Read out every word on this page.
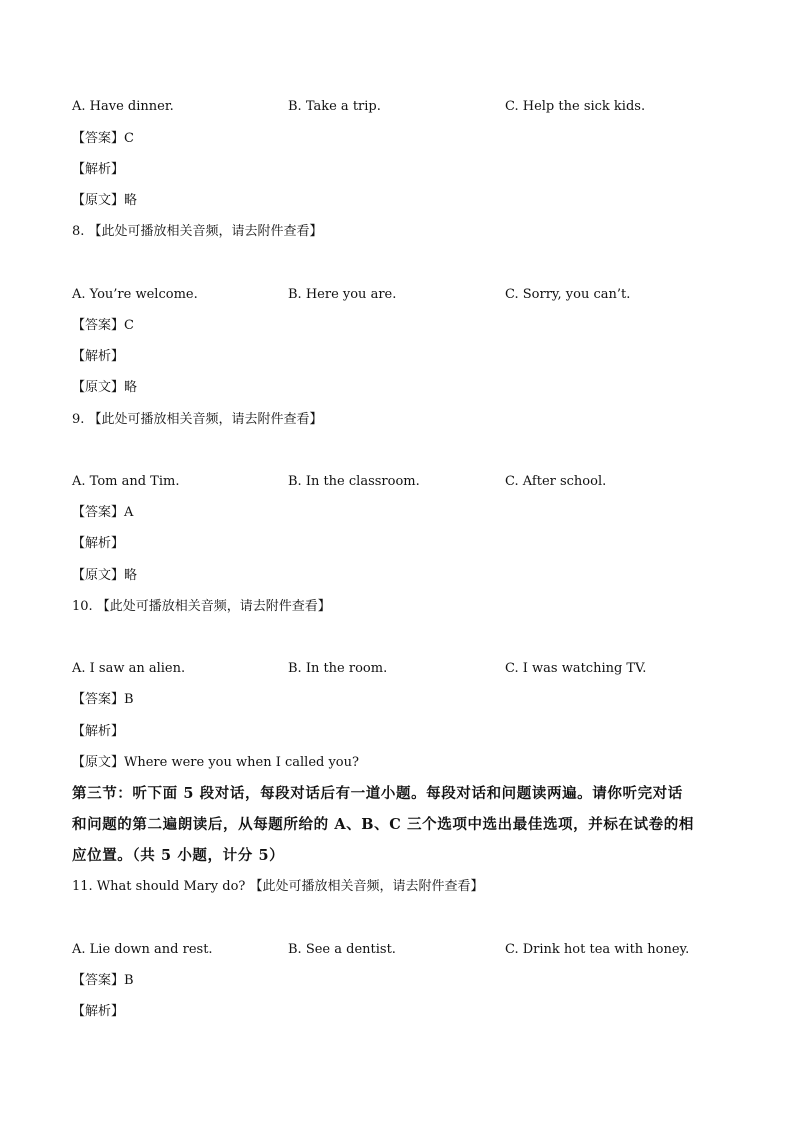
A. Have dinner.	B. Take a trip.	C. Help the sick kids.
【答案】C
【解析】
【原文】略
8. 【此处可播放相关音频，请去附件查看】
A. You’re welcome.	B. Here you are.	C. Sorry, you can’t.
【答案】C
【解析】
【原文】略
9. 【此处可播放相关音频，请去附件查看】
A. Tom and Tim.	B. In the classroom.	C. After school.
【答案】A
【解析】
【原文】略
10. 【此处可播放相关音频，请去附件查看】
A. I saw an alien.	B. In the room.	C. I was watching TV.
【答案】B
【解析】
【原文】Where were you when I called you?
第三节：听下面 5 段对话，每段对话后有一道小题。每段对话和问题读两遍。请你听完对话
和问题的第二遍朗读后，从每题所给的 A、B、C 三个选项中选出最佳选项，并标在试卷的相
应位置。（共 5 小题，计分 5）
11. What should Mary do? 【此处可播放相关音频，请去附件查看】
A. Lie down and rest.	B. See a dentist.	C. Drink hot tea with honey.
【答案】B
【解析】
